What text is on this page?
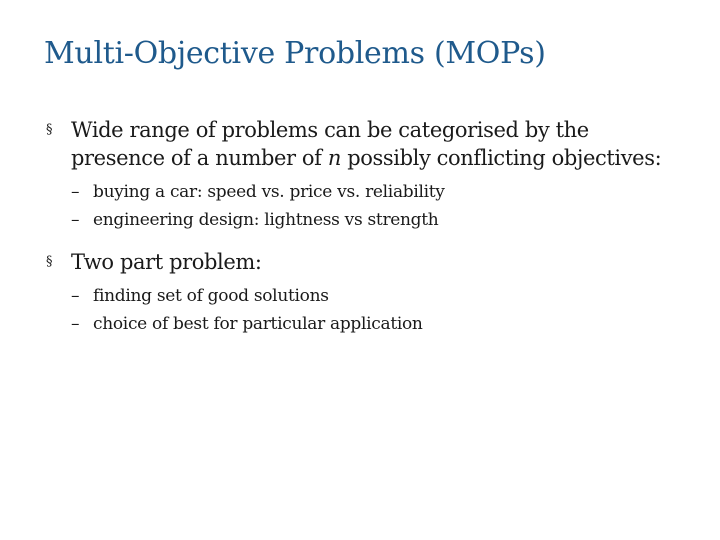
Multi-Objective Problems (MOPs)
§ Wide range of problems can be categorised by the presence of a number of n possibly conflicting objectives:
– buying a car: speed vs. price vs. reliability
– engineering design: lightness vs strength
§ Two part problem:
– finding set of good solutions
– choice of best for particular application
